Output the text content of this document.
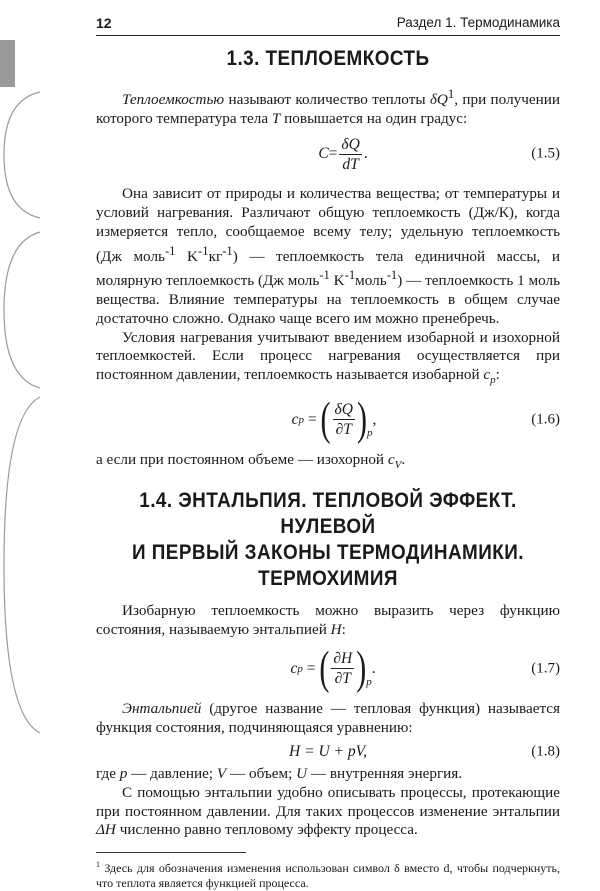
12	Раздел 1. Термодинамика
1.3. ТЕПЛОЕМКОСТЬ

Теплоемкостью называют количество теплоты $\delta Q^1$, при получении которого температура тела T повышается на один градус:

$C = \frac{\delta Q}{dT}$ .	(1.5)

Она зависит от природы и количества вещества; от температуры и условий нагревания. Различают общую теплоемкость (Дж/К), когда измеряется тепло, сообщаемое всему телу; удельную теплоемкость (Дж моль$^{-1}$ $K^{-1}кг^{-1}$) — теплоемкость тела единичной массы, и молярную теплоемкость (Дж моль$^{-1}$ $K^{-1}моль^{-1}$) — теплоемкость 1 моль вещества. Влияние температуры на теплоемкость в общем случае достаточно сложно. Однако чаще всего им можно пренебречь.

Условия нагревания учитывают введением изобарной и изохорной теплоемкостей. Если процесс нагревания осуществляется при постоянном давлении, теплоемкость называется изобарной $c_p$:

c p = ( $\frac{\delta Q}{\partial T} )_p$
,	(1.6)

а если при постоянном объеме — изохорной $c_V$.

1.4. ЭНТАЛЬПИЯ. ТЕПЛОВОЙ ЭФФЕКТ. НУЛЕВОЙ
И ПЕРВЫЙ ЗАКОНЫ ТЕРМОДИНАМИКИ. ТЕРМОХИМИЯ

Изобарную теплоемкость можно выразить через функцию состояния, называемую энтальпией H:

c p = ( $\frac{\partial H}{\partial T} )_p$
.	(1.7)

Энтальпией (другое название — тепловая функция) называется функция состояния, подчиняющаяся уравнению:

H = U + pV,	(1.8)

где p — давление; V — объем; U — внутренняя энергия.

С помощью энтальпии удобно описывать процессы, протекающие при постоянном давлении. Для таких процессов изменение энтальпии ΔH численно равно тепловому эффекту процесса.

$^1$ Здесь для обозначения изменения использован символ δ вместо d, чтобы подчеркнуть, что теплота является функцией процесса.
